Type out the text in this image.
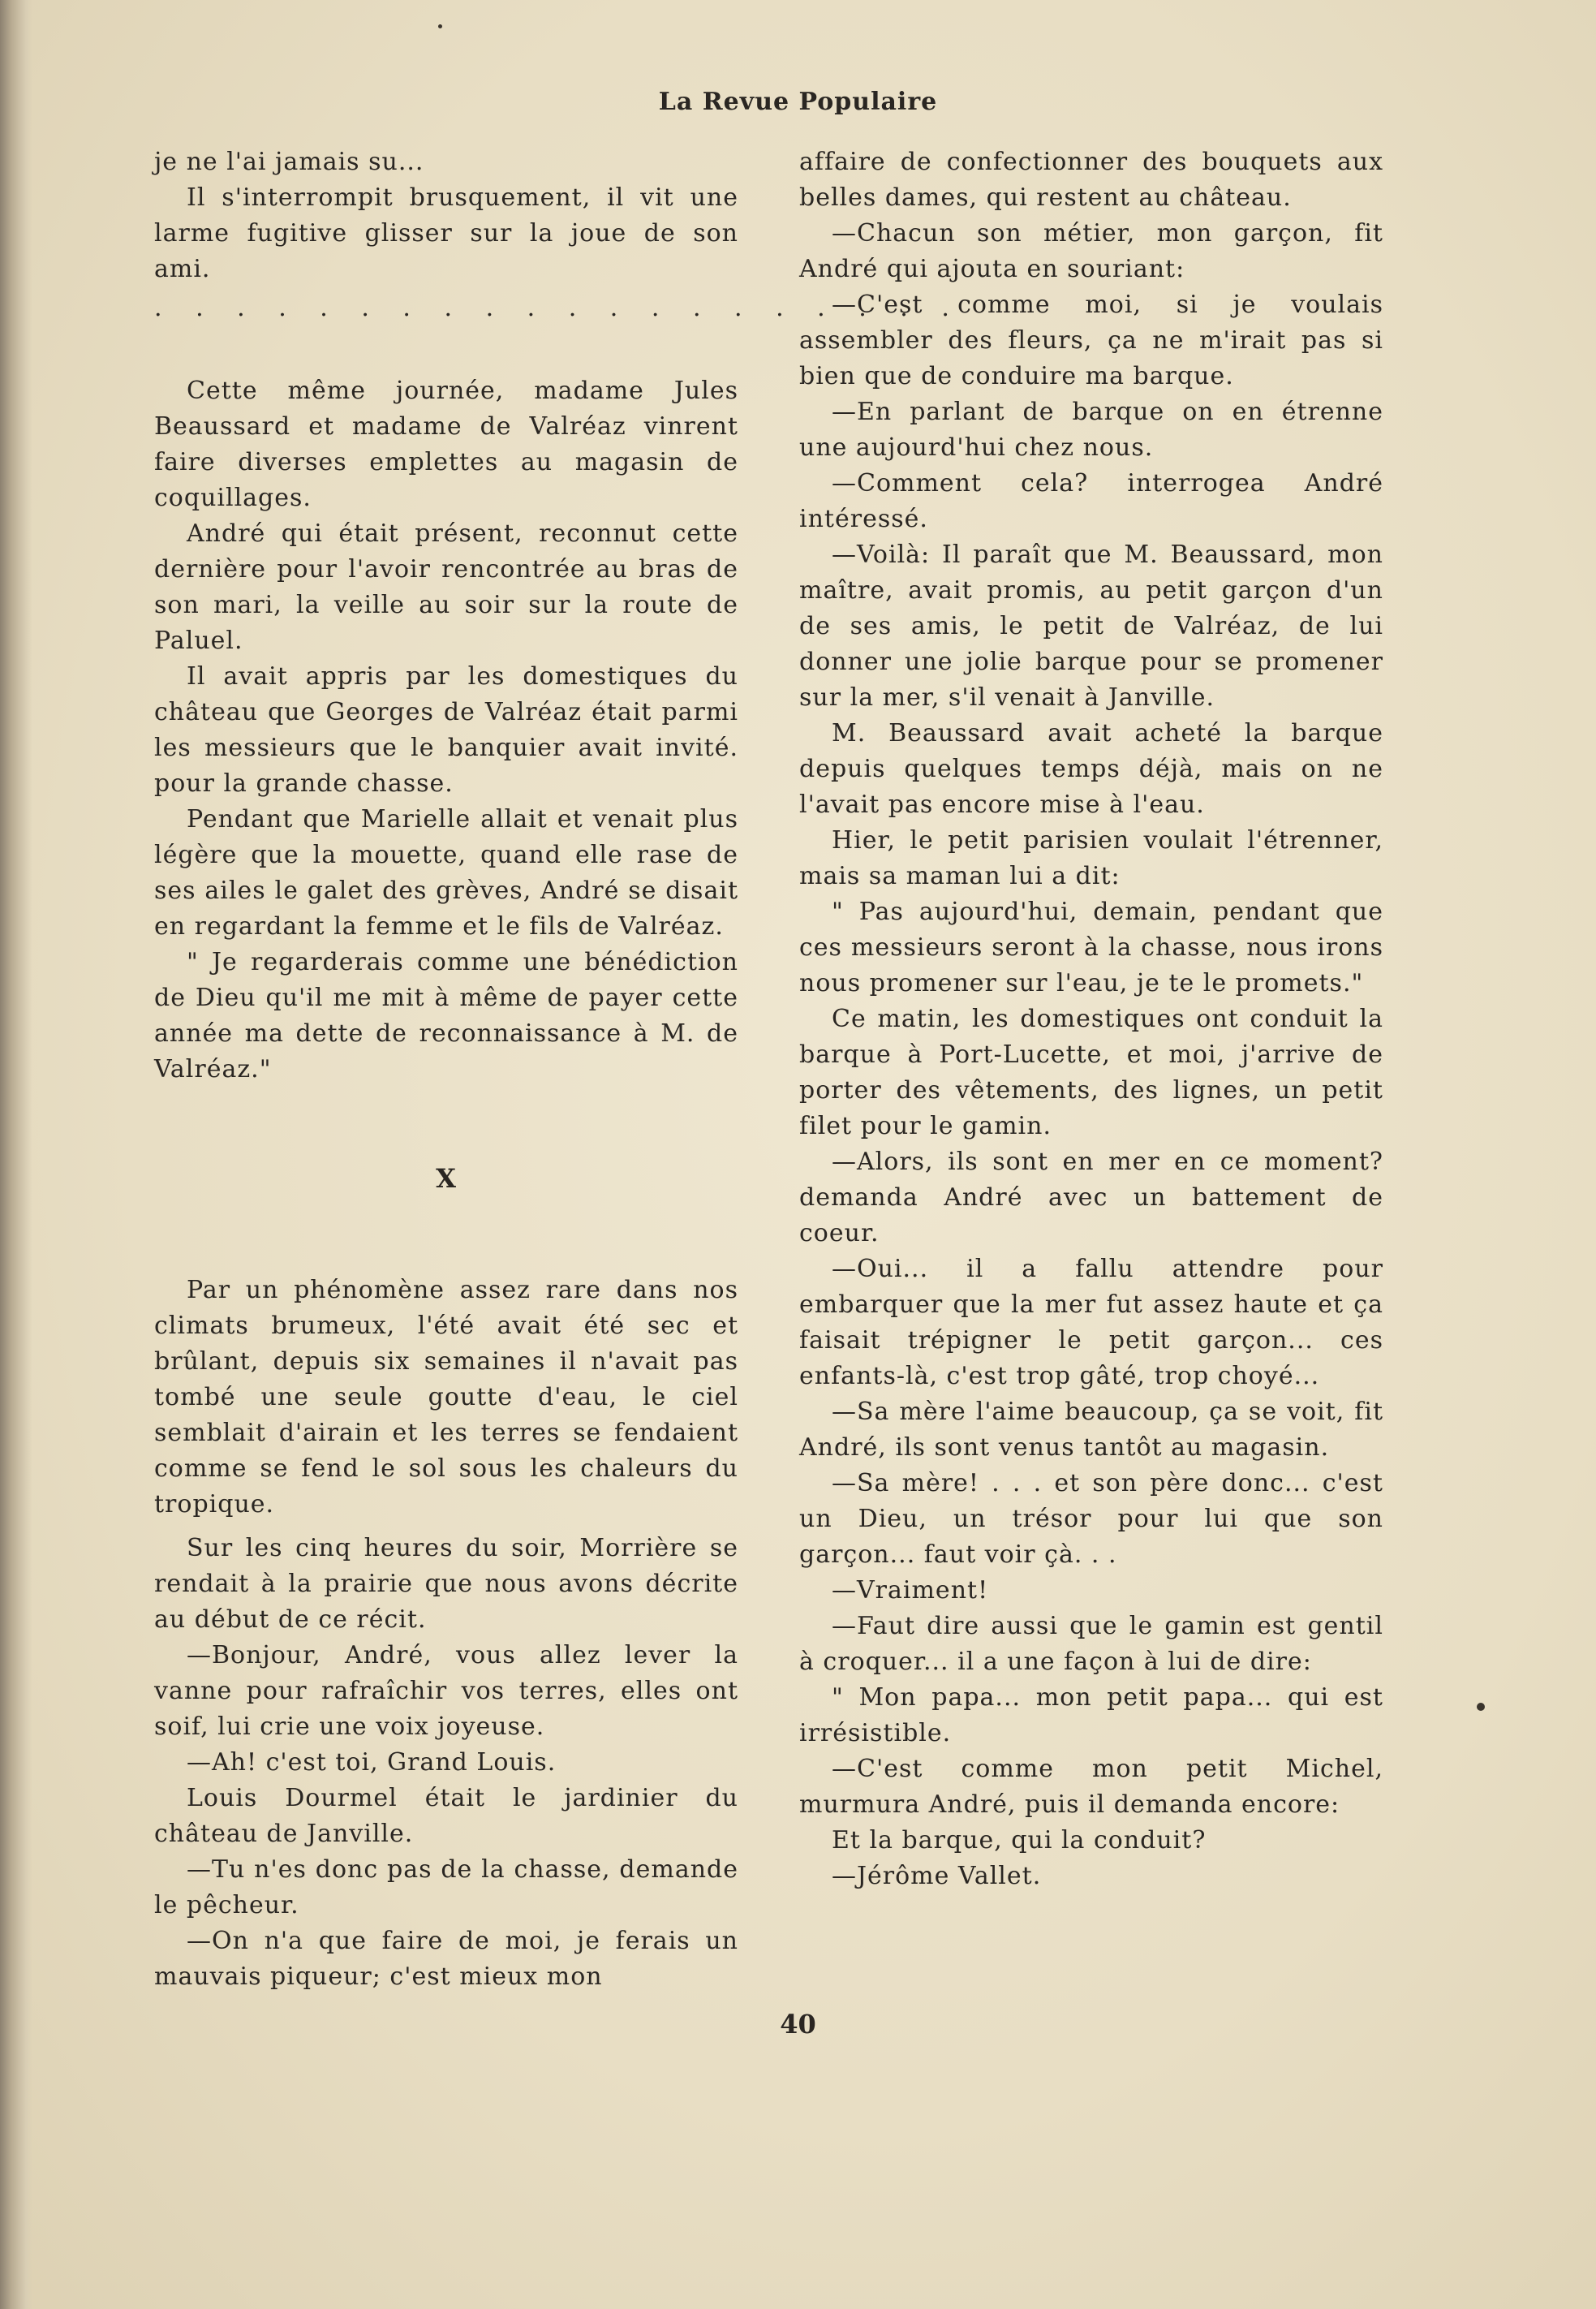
La Revue Populaire

je ne l'ai jamais su...

Il s'interrompit brusquement, il vit une larme fugitive glisser sur la joue de son ami.

. . . . . . . . . . . . . . . . . . . .

Cette même journée, madame Jules Beaussard et madame de Valréaz vinrent faire diverses emplettes au magasin de coquillages.

André qui était présent, reconnut cette dernière pour l'avoir rencontrée au bras de son mari, la veille au soir sur la route de Paluel.

Il avait appris par les domestiques du château que Georges de Valréaz était parmi les messieurs que le banquier avait invité. pour la grande chasse.

Pendant que Marielle allait et venait plus légère que la mouette, quand elle rase de ses ailes le galet des grèves, André se disait en regardant la femme et le fils de Valréaz.

" Je regarderais comme une bénédiction de Dieu qu'il me mit à même de payer cette année ma dette de reconnaissance à M. de Valréaz."

X

Par un phénomène assez rare dans nos climats brumeux, l'été avait été sec et brûlant, depuis six semaines il n'avait pas tombé une seule goutte d'eau, le ciel semblait d'airain et les terres se fendaient comme se fend le sol sous les chaleurs du tropique.

Sur les cinq heures du soir, Morrière se rendait à la prairie que nous avons décrite au début de ce récit.

—Bonjour, André, vous allez lever la vanne pour rafraîchir vos terres, elles ont soif, lui crie une voix joyeuse.

—Ah! c'est toi, Grand Louis.

Louis Dourmel était le jardinier du château de Janville.

—Tu n'es donc pas de la chasse, demande le pêcheur.

—On n'a que faire de moi, je ferais un mauvais piqueur; c'est mieux mon

affaire de confectionner des bouquets aux belles dames, qui restent au château.

—Chacun son métier, mon garçon, fit André qui ajouta en souriant:

—C'est comme moi, si je voulais assembler des fleurs, ça ne m'irait pas si bien que de conduire ma barque.

—En parlant de barque on en étrenne une aujourd'hui chez nous.

—Comment cela? interrogea André intéressé.

—Voilà: Il paraît que M. Beaussard, mon maître, avait promis, au petit garçon d'un de ses amis, le petit de Valréaz, de lui donner une jolie barque pour se promener sur la mer, s'il venait à Janville.

M. Beaussard avait acheté la barque depuis quelques temps déjà, mais on ne l'avait pas encore mise à l'eau.

Hier, le petit parisien voulait l'étrenner, mais sa maman lui a dit:

" Pas aujourd'hui, demain, pendant que ces messieurs seront à la chasse, nous irons nous promener sur l'eau, je te le promets."

Ce matin, les domestiques ont conduit la barque à Port-Lucette, et moi, j'arrive de porter des vêtements, des lignes, un petit filet pour le gamin.

—Alors, ils sont en mer en ce moment? demanda André avec un battement de coeur.

—Oui... il a fallu attendre pour embarquer que la mer fut assez haute et ça faisait trépigner le petit garçon... ces enfants-là, c'est trop gâté, trop choyé...

—Sa mère l'aime beaucoup, ça se voit, fit André, ils sont venus tantôt au magasin.

—Sa mère! . . . et son père donc... c'est un Dieu, un trésor pour lui que son garçon... faut voir çà. . .

—Vraiment!

—Faut dire aussi que le gamin est gentil à croquer... il a une façon à lui de dire:

" Mon papa... mon petit papa... qui est irrésistible.

—C'est comme mon petit Michel, murmura André, puis il demanda encore:

Et la barque, qui la conduit?

—Jérôme Vallet.

40
